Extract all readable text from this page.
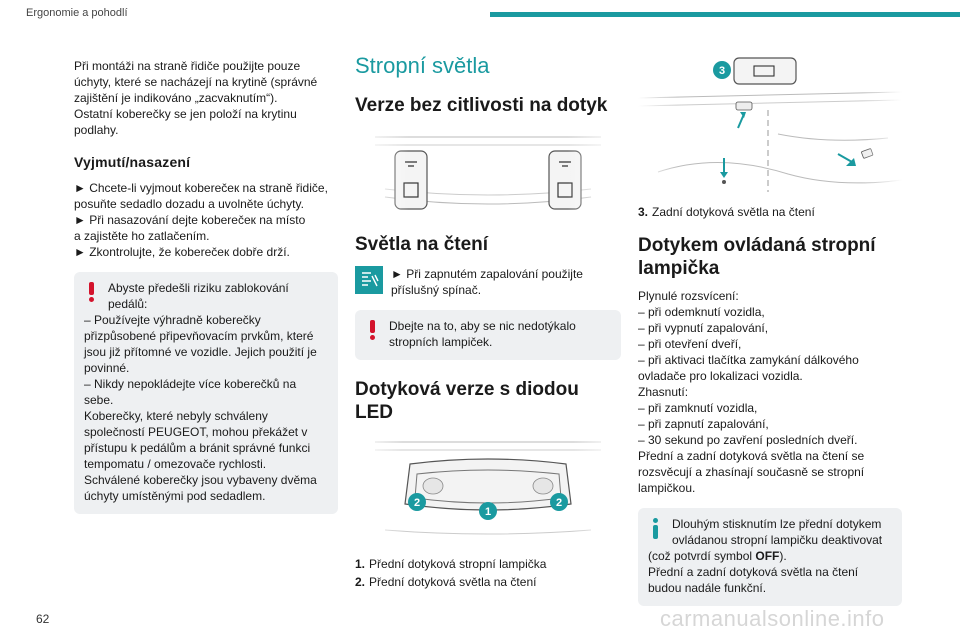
Ergonomie a pohodlí
Při montáži na straně řidiče použijte pouze
úchyty, které se nacházejí na krytině (správné
zajištění je indikováno „zacvaknutím“).
Ostatní koberečky se jen položí na krytinu
podlahy.
Vyjmutí/nasazení
► Chcete-li vyjmout koberečeк na straně řidiče,
posuňte sedadlo dozadu a uvolněte úchyty.
► Při nasazování dejte koberečeк na místo
a zajistěte ho zatlačením.
► Zkontrolujte, že koberečeк dobře drží.
Abyste předešli riziku zablokování
pedálů:
– Používejte výhradně koberečky
přizpůsobené připevňovacím prvkům, které
jsou již přítomné ve vozidle. Jejich použití je
povinné.
– Nikdy nepokládejte více koberečků na
sebe.
Koberečky, které nebyly schváleny
společností PEUGEOT, mohou překážet v
přístupu k pedálům a bránit správné funkci
tempomatu / omezovače rychlosti.
Schválené koberečky jsou vybaveny dvěma
úchyty umístěnými pod sedadlem.
Stropní světla
Verze bez citlivosti na dotyk
Světla na čtení
► Při zapnutém zapalování použijte
příslušný spínač.
Dbejte na to, aby se nic nedotýkalo
stropních lampiček.
Dotyková verze s diodou
LED
1. Přední dotyková stropní lampička
2. Přední dotyková světla na čtení
3. Zadní dotyková světla na čtení
Dotykem ovládaná stropní
lampička
Plynulé rozsvícení:
– při odemknutí vozidla,
– při vypnutí zapalování,
– při otevření dveří,
– při aktivaci tlačítka zamykání dálkového
ovladače pro lokalizaci vozidla.
Zhasnutí:
– při zamknutí vozidla,
– při zapnutí zapalování,
– 30 sekund po zavření posledních dveří.
Přední a zadní dotyková světla na čtení se
rozsvěcují a zhasínají současně se stropní
lampičkou.
Dlouhým stisknutím lze přední dotykem
ovládanou stropní lampičku deaktivovat
(což potvrdí symbol OFF).
Přední a zadní dotyková světla na čtení
budou nadále funkční.
62	carmanualsonline.info
